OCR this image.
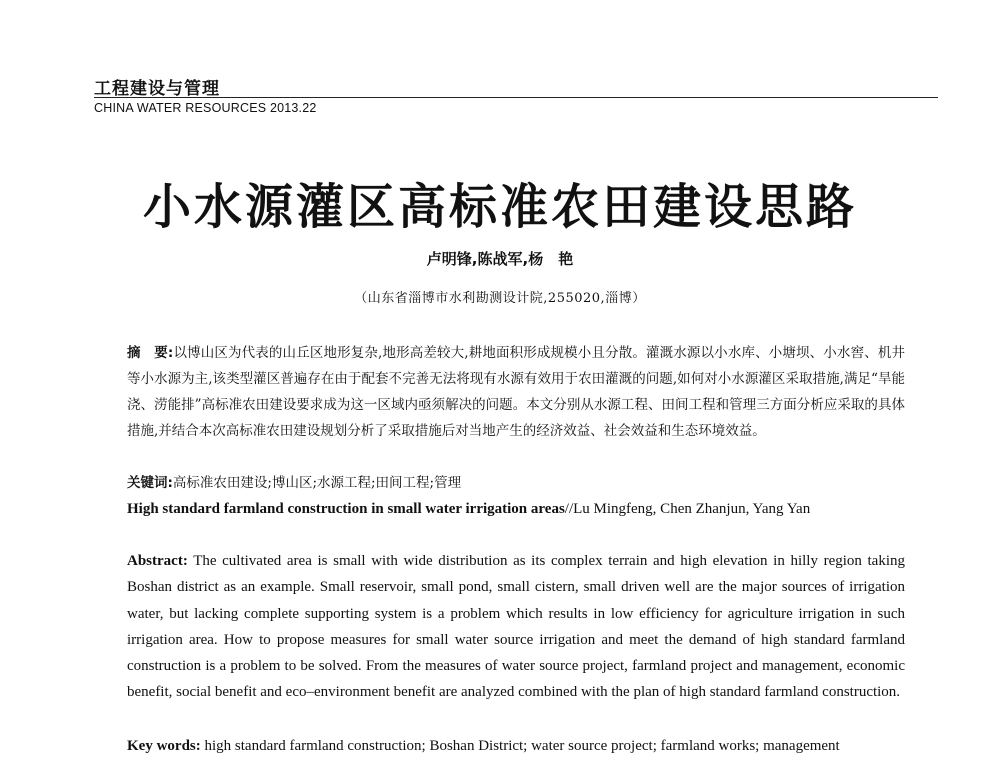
工程建设与管理
CHINA WATER RESOURCES 2013.22
小水源灌区高标准农田建设思路
卢明锋,陈战军,杨　艳
（山东省淄博市水利勘测设计院,255020,淄博）
摘　要:以博山区为代表的山丘区地形复杂,地形高差较大,耕地面积形成规模小且分散。灌溉水源以小水库、小塘坝、小水窖、机井等小水源为主,该类型灌区普遍存在由于配套不完善无法将现有水源有效用于农田灌溉的问题,如何对小水源灌区采取措施,满足“旱能浇、涝能排”高标准农田建设要求成为这一区域内亟须解决的问题。本文分别从水源工程、田间工程和管理三方面分析应采取的具体措施,并结合本次高标准农田建设规划分析了采取措施后对当地产生的经济效益、社会效益和生态环境效益。
关键词:高标准农田建设;博山区;水源工程;田间工程;管理
High standard farmland construction in small water irrigation areas//Lu Mingfeng, Chen Zhanjun, Yang Yan
Abstract: The cultivated area is small with wide distribution as its complex terrain and high elevation in hilly region taking Boshan district as an example. Small reservoir, small pond, small cistern, small driven well are the major sources of irrigation water, but lacking complete supporting system is a problem which results in low efficiency for agriculture irrigation in such irrigation area. How to propose measures for small water source irrigation and meet the demand of high standard farmland construction is a problem to be solved. From the measures of water source project, farmland project and management, economic benefit, social benefit and eco–environment benefit are analyzed combined with the plan of high standard farmland construction.
Key words: high standard farmland construction; Boshan District; water source project; farmland works; management
